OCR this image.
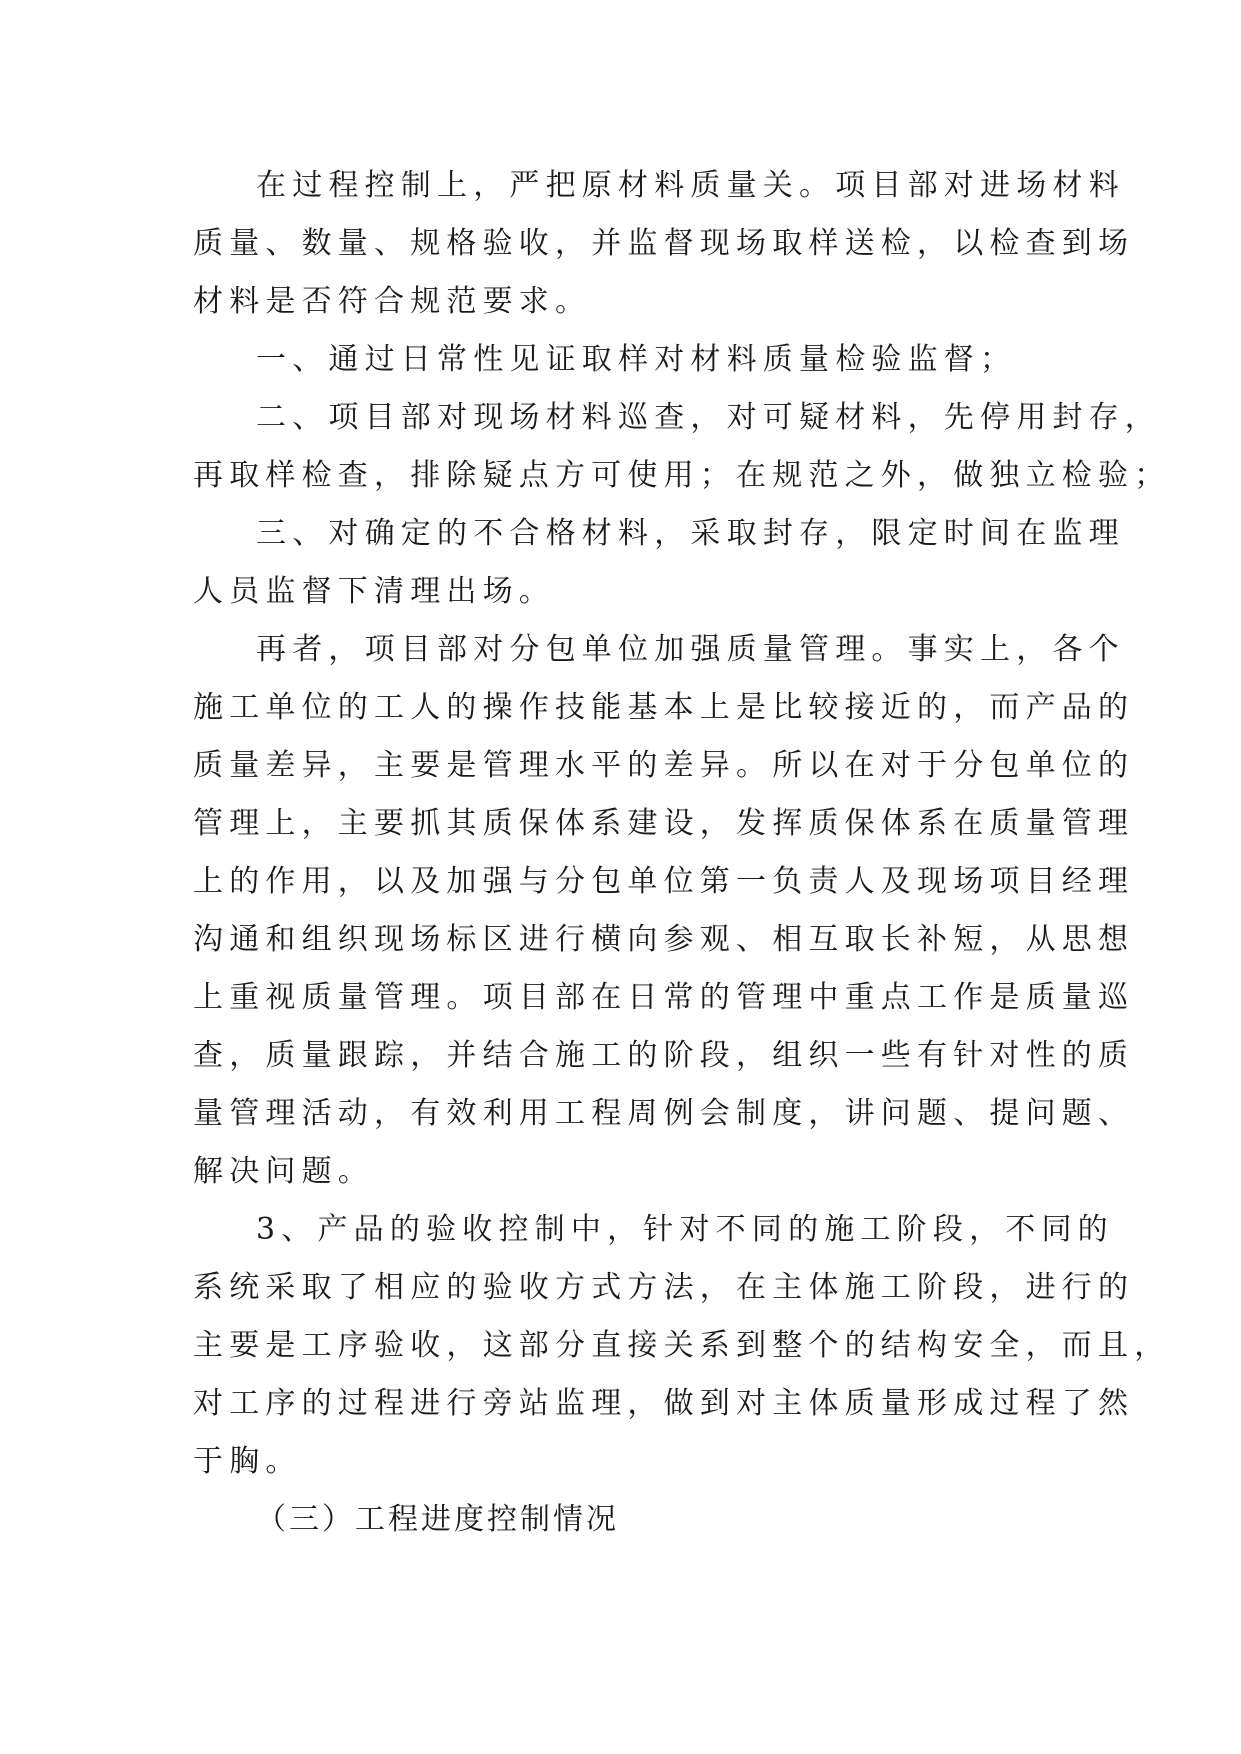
在过程控制上，严把原材料质量关。项目部对进场材料
质量、数量、规格验收，并监督现场取样送检，以检查到场
材料是否符合规范要求。
一、通过日常性见证取样对材料质量检验监督；
二、项目部对现场材料巡查，对可疑材料，先停用封存，
再取样检查，排除疑点方可使用；在规范之外，做独立检验；
三、对确定的不合格材料，采取封存，限定时间在监理
人员监督下清理出场。
再者，项目部对分包单位加强质量管理。事实上，各个
施工单位的工人的操作技能基本上是比较接近的，而产品的
质量差异，主要是管理水平的差异。所以在对于分包单位的
管理上，主要抓其质保体系建设，发挥质保体系在质量管理
上的作用，以及加强与分包单位第一负责人及现场项目经理
沟通和组织现场标区进行横向参观、相互取长补短，从思想
上重视质量管理。项目部在日常的管理中重点工作是质量巡
查，质量跟踪，并结合施工的阶段，组织一些有针对性的质
量管理活动，有效利用工程周例会制度，讲问题、提问题、
解决问题。
3、产品的验收控制中，针对不同的施工阶段，不同的
系统采取了相应的验收方式方法，在主体施工阶段，进行的
主要是工序验收，这部分直接关系到整个的结构安全，而且，
对工序的过程进行旁站监理，做到对主体质量形成过程了然
于胸。
（三）工程进度控制情况
